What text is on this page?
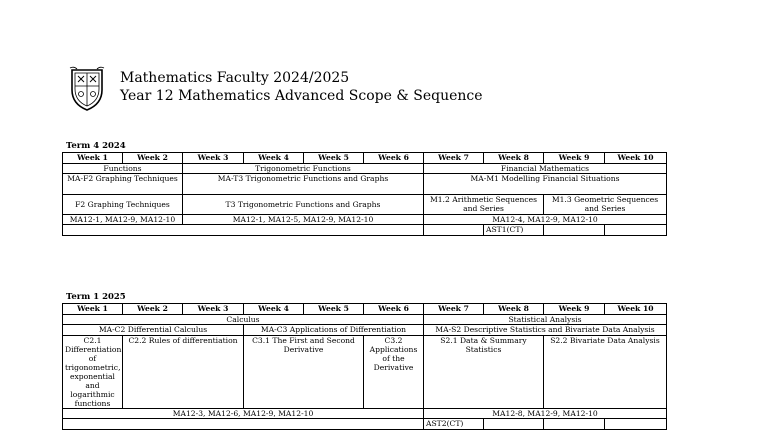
Mathematics Faculty 2024/2025
Year 12 Mathematics Advanced Scope & Sequence
Term 4 2024
Week 1	Week 2	Week 3	Week 4	Week 5	Week 6	Week 7	Week 8	Week 9	Week 10
Functions		Trigonometric Functions				Financial Mathematics			
MA-F2 Graphing Techniques		MA-T3 Trigonometric Functions and Graphs				MA-M1 Modelling Financial Situations			
F2 Graphing Techniques		T3 Trigonometric Functions and Graphs				M1.2 Arithmetic Sequences and Series		M1.3 Geometric Sequences and Series	
MA12-1, MA12-9, MA12-10		MA12-1, MA12-5, MA12-9, MA12-10				MA12-4, MA12-9, MA12-10			
							AST1(CT)		
Term 1 2025
Week 1	Week 2	Week 3	Week 4	Week 5	Week 6	Week 7	Week 8	Week 9	Week 10
Calculus						Statistical Analysis			
MA-C2 Differential Calculus			MA-C3 Applications of Differentiation			MA-S2 Descriptive Statistics and Bivariate Data Analysis			
C2.1 Differentiation of trigonometric, exponential and logarithmic functions	C2.2 Rules of differentiation		C3.1 The First and Second Derivative		C3.2 Applications of the Derivative	S2.1 Data & Summary Statistics		S2.2 Bivariate Data Analysis	
MA12-3, MA12-6, MA12-9, MA12-10						MA12-8, MA12-9, MA12-10			
						AST2(CT)			
